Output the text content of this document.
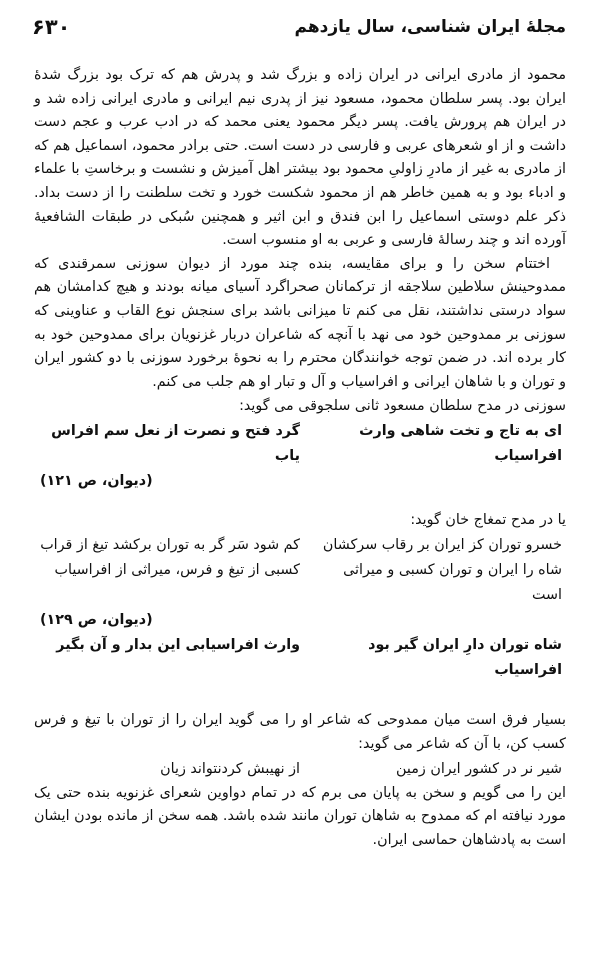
۶۳۰	مجلهٔ ایران شناسی، سال یازدهم

محمود از مادری ایرانی در ایران زاده و بزرگ شد و پدرش هم که ترک بود بزرگ شدهٔ ایران بود. پسر سلطان محمود، مسعود نیز از پدری نیم ایرانی و مادری ایرانی زاده شد و در ایران هم پرورش یافت. پسر دیگر محمود یعنی محمد که در ادب عرب و عجم دست داشت و از او شعرهای عربی و فارسی در دست است. حتی برادر محمود، اسماعیل هم که از مادری به غیر از مادرِ زاولیِ محمود بود بیشتر اهل آمیزش و نشست و برخاستِ با علماء و ادباء بود و به همین خاطر هم از محمود شکست خورد و تخت سلطنت را از دست بداد. ذکر علم دوستی اسماعیل را ابن فندق و ابن اثیر و همچنین سُبکی در طبقات الشافعیهٔ آورده اند و چند رسالهٔ فارسی و عربی به او منسوب است.

اختتام سخن را و برای مقایسه، بنده چند مورد از دیوان سوزنی سمرقندی که ممدوحینش سلاطین سلاجقه از ترکمانان صحراگرد آسیای میانه بودند و هیچ کدامشان هم سواد درستی نداشتند، نقل می کنم تا میزانی باشد برای سنجش نوع القاب و عناوینی که سوزنی بر ممدوحین خود می نهد با آنچه که شاعران دربار غزنویان برای ممدوحین خود به کار برده اند. در ضمن توجه خوانندگان محترم را به نحوهٔ برخورد سوزنی با دو کشور ایران و توران و با شاهان ایرانی و افراسیاب و آل و تبار او هم جلب می کنم.

سوزنی در مدح سلطان مسعود ثانی سلجوقی می گوید:
ای به تاج و تخت شاهی وارث افراسیاب
گرد فتح و نصرت از نعل سم افراس یاب
(دیوان، ص ۱۲۱)
یا در مدح تمغاج خان گوید:
خسرو توران کز ایران بر رقاب سرکشان
کم شود سَر گر به توران برکشد تیغ از قراب
شاه را ایران و توران کسبی و میراثی است
کسبی از تیغ و فرس، میراثی از افراسیاب
(دیوان، ص ۱۲۹)
شاه توران دارِ ایران گیر بود افراسیاب
وارث افراسیابی این بدار و آن بگیر

بسیار فرق است میان ممدوحی که شاعر او را می گوید ایران را از توران با تیغ و فرس کسب کن، با آن که شاعر می گوید:

شیر نر در کشور ایران زمین
از نهیبش کردنتواند زیان

این را می گویم و سخن به پایان می برم که در تمام دواوین شعرای غزنویه بنده حتی یک مورد نیافته ام که ممدوح به شاهان توران مانند شده باشد. همه سخن از مانده بودن ایشان است به پادشاهان حماسی ایران.
